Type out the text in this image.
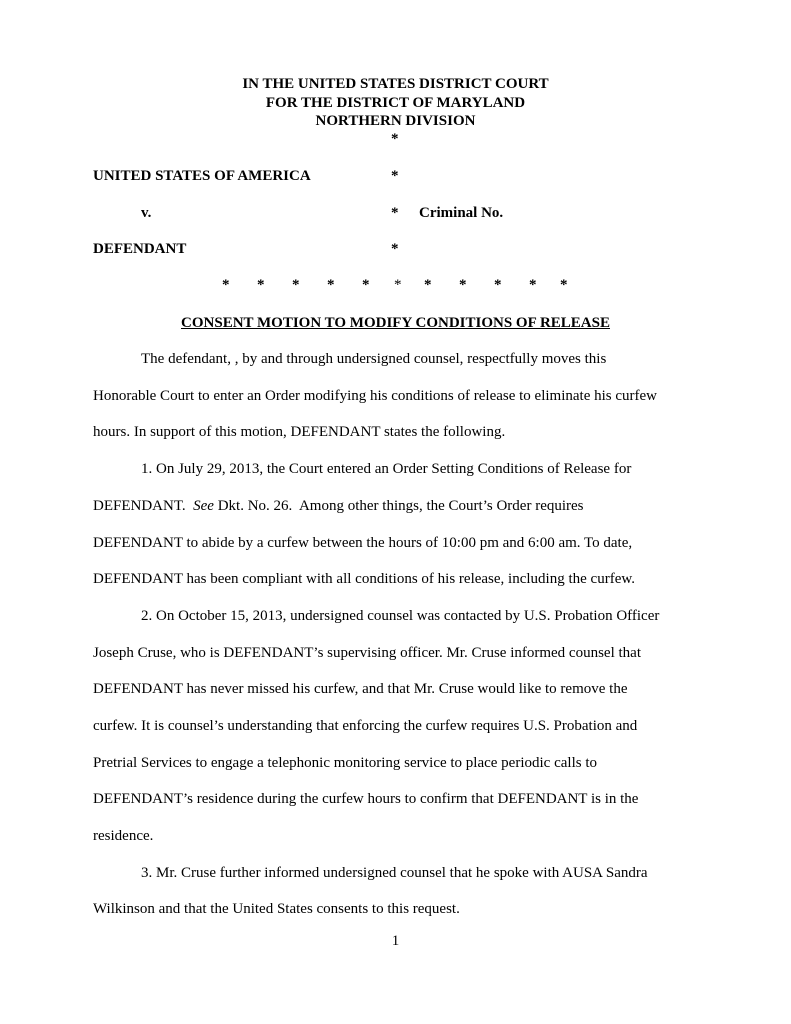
IN THE UNITED STATES DISTRICT COURT
FOR THE DISTRICT OF MARYLAND
NORTHERN DIVISION
*
*
*
*
UNITED STATES OF AMERICA
v.
DEFENDANT
Criminal No.
* * * * * * * * * * *
CONSENT MOTION TO MODIFY CONDITIONS OF RELEASE
The defendant, , by and through undersigned counsel, respectfully moves this
Honorable Court to enter an Order modifying his conditions of release to eliminate his curfew
hours. In support of this motion, DEFENDANT states the following.
1. On July 29, 2013, the Court entered an Order Setting Conditions of Release for
DEFENDANT.  See Dkt. No. 26.  Among other things, the Court’s Order requires
DEFENDANT to abide by a curfew between the hours of 10:00 pm and 6:00 am. To date,
DEFENDANT has been compliant with all conditions of his release, including the curfew.
2. On October 15, 2013, undersigned counsel was contacted by U.S. Probation Officer
Joseph Cruse, who is DEFENDANT’s supervising officer. Mr. Cruse informed counsel that
DEFENDANT has never missed his curfew, and that Mr. Cruse would like to remove the
curfew. It is counsel’s understanding that enforcing the curfew requires U.S. Probation and
Pretrial Services to engage a telephonic monitoring service to place periodic calls to
DEFENDANT’s residence during the curfew hours to confirm that DEFENDANT is in the
residence.
3. Mr. Cruse further informed undersigned counsel that he spoke with AUSA Sandra
Wilkinson and that the United States consents to this request.
1
